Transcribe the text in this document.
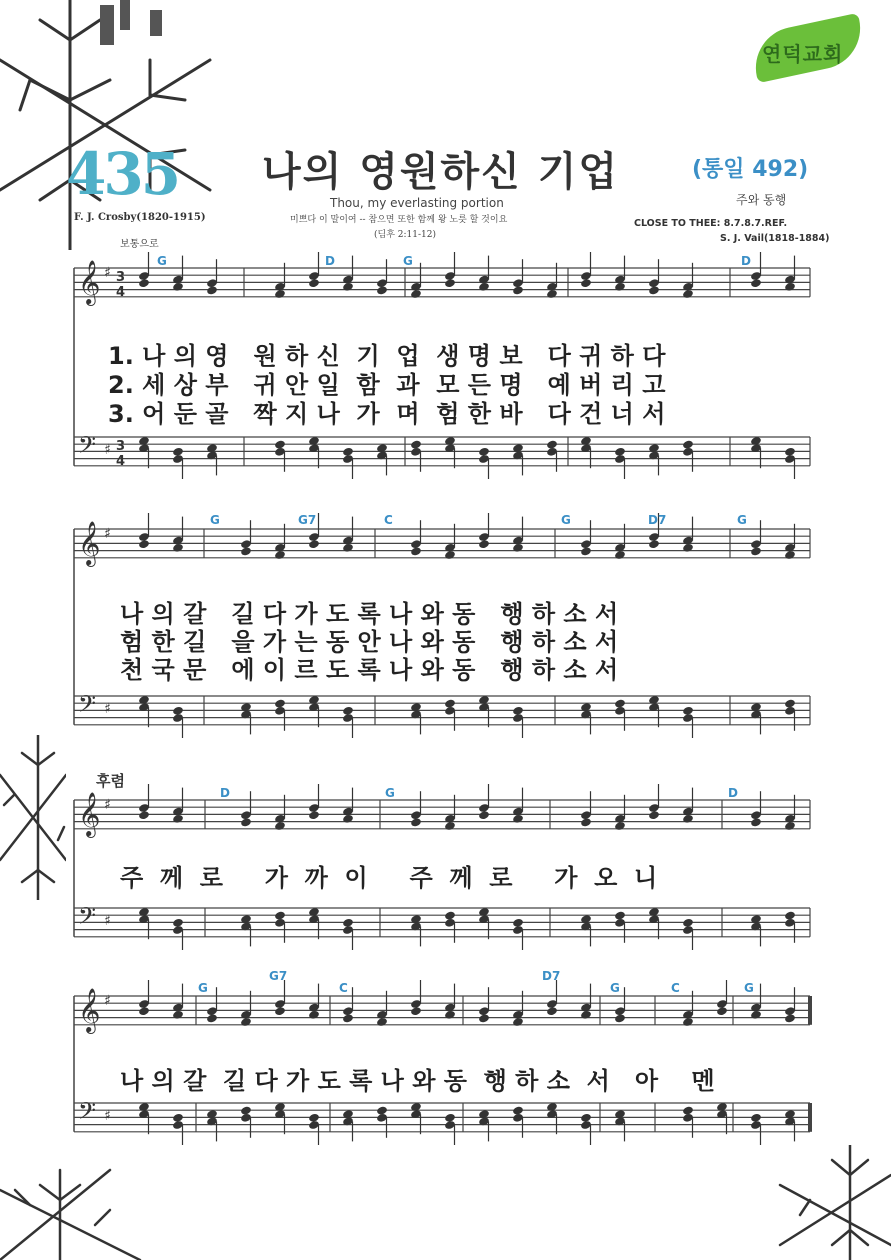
연덕교회
435 나의 영원하신 기업	(통일 492)
Thou, my everlasting portion	주와 동행
F. J. Crosby(1820-1915)	미쁘다 이 말이여 -- 참으면 또한 함께 왕 노릇 할 것이요
(딤후 2:11-12)
CLOSE TO THEE: 8.7.8.7.REF.
S. J. Vail(1818-1884)
보통으로
후렴
𝄞 ♯ 3
4
𝄢 ♯ 3
4
𝄞 ♯
𝄢 ♯
𝄞 ♯
𝄢 ♯
𝄞 ♯
𝄢 ♯
G	D	G	D
G	G7	C	G	D7	G
D	G	D
G
G7
C
D7
G	C	G
1. 나 의 영   원 하 신  기  업  생 명 보   다 귀 하 다
2. 세 상 부   귀 안 일  함  과  모 든 명   예 버 리 고
3. 어 둔 골   짝 지 나  가  며  험 한 바   다 건 너 서
나 의 갈   길 다 가 도 록 나 와 동   행 하 소 서
험 한 길   을 가 는 동 안 나 와 동   행 하 소 서
천 국 문   에 이 르 도 록 나 와 동   행 하 소 서
주  께  로     가  까  이     주  께  로     가  오  니
나 의 갈  길 다 가 도 록 나 와 동  행 하 소  서   아    멘
